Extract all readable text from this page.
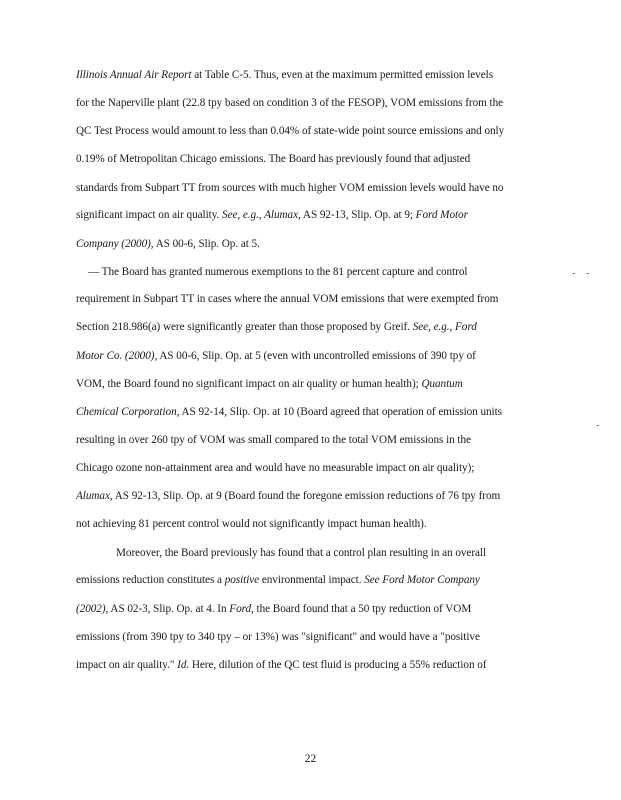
Illinois Annual Air Report at Table C-5. Thus, even at the maximum permitted emission levels
for the Naperville plant (22.8 tpy based on condition 3 of the FESOP), VOM emissions from the
QC Test Process would amount to less than 0.04% of state-wide point source emissions and only
0.19% of Metropolitan Chicago emissions. The Board has previously found that adjusted
standards from Subpart TT from sources with much higher VOM emission levels would have no
significant impact on air quality. See, e.g., Alumax, AS 92-13, Slip. Op. at 9; Ford Motor
Company (2000), AS 00-6, Slip. Op. at 5.
— The Board has granted numerous exemptions to the 81 percent capture and control
requirement in Subpart TT in cases where the annual VOM emissions that were exempted from
Section 218.986(a) were significantly greater than those proposed by Greif. See, e.g., Ford
Motor Co. (2000), AS 00-6, Slip. Op. at 5 (even with uncontrolled emissions of 390 tpy of
VOM, the Board found no significant impact on air quality or human health); Quantum
Chemical Corporation, AS 92-14, Slip. Op. at 10 (Board agreed that operation of emission units
resulting in over 260 tpy of VOM was small compared to the total VOM emissions in the
Chicago ozone non-attainment area and would have no measurable impact on air quality);
Alumax, AS 92-13, Slip. Op. at 9 (Board found the foregone emission reductions of 76 tpy from
not achieving 81 percent control would not significantly impact human health).
Moreover, the Board previously has found that a control plan resulting in an overall
emissions reduction constitutes a positive environmental impact. See Ford Motor Company
(2002), AS 02-3, Slip. Op. at 4. In Ford, the Board found that a 50 tpy reduction of VOM
emissions (from 390 tpy to 340 tpy – or 13%) was "significant" and would have a "positive
impact on air quality." Id. Here, dilution of the QC test fluid is producing a 55% reduction of
- -
-
22
